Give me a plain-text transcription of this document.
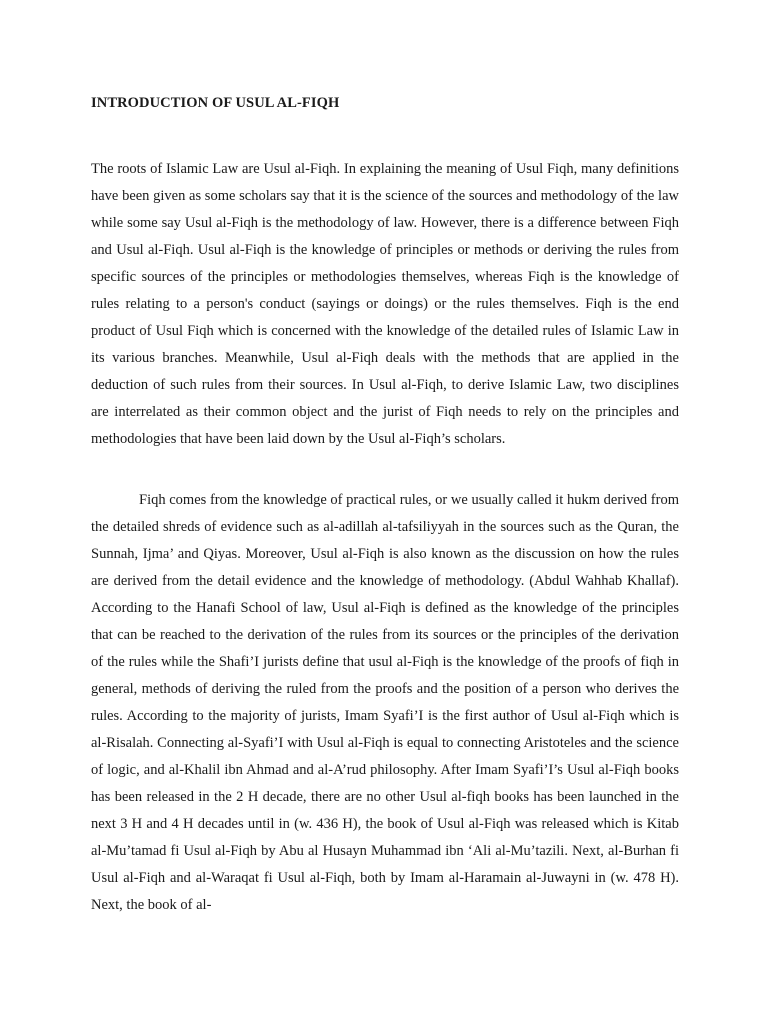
INTRODUCTION OF USUL AL-FIQH

The roots of Islamic Law are Usul al-Fiqh. In explaining the meaning of Usul Fiqh, many definitions have been given as some scholars say that it is the science of the sources and methodology of the law while some say Usul al-Fiqh is the methodology of law. However, there is a difference between Fiqh and Usul al-Fiqh. Usul al-Fiqh is the knowledge of principles or methods or deriving the rules from specific sources of the principles or methodologies themselves, whereas Fiqh is the knowledge of rules relating to a person's conduct (sayings or doings) or the rules themselves. Fiqh is the end product of Usul Fiqh which is concerned with the knowledge of the detailed rules of Islamic Law in its various branches. Meanwhile, Usul al-Fiqh deals with the methods that are applied in the deduction of such rules from their sources. In Usul al-Fiqh, to derive Islamic Law, two disciplines are interrelated as their common object and the jurist of Fiqh needs to rely on the principles and methodologies that have been laid down by the Usul al-Fiqh’s scholars.

Fiqh comes from the knowledge of practical rules, or we usually called it hukm derived from the detailed shreds of evidence such as al-adillah al-tafsiliyyah in the sources such as the Quran, the Sunnah, Ijma’ and Qiyas. Moreover, Usul al-Fiqh is also known as the discussion on how the rules are derived from the detail evidence and the knowledge of methodology. (Abdul Wahhab Khallaf). According to the Hanafi School of law, Usul al-Fiqh is defined as the knowledge of the principles that can be reached to the derivation of the rules from its sources or the principles of the derivation of the rules while the Shafi’I jurists define that usul al-Fiqh is the knowledge of the proofs of fiqh in general, methods of deriving the ruled from the proofs and the position of a person who derives the rules. According to the majority of jurists, Imam Syafi’I is the first author of Usul al-Fiqh which is al-Risalah. Connecting al-Syafi’I with Usul al-Fiqh is equal to connecting Aristoteles and the science of logic, and al-Khalil ibn Ahmad and al-A’rud philosophy. After Imam Syafi’I’s Usul al-Fiqh books has been released in the 2 H decade, there are no other Usul al-fiqh books has been launched in the next 3 H and 4 H decades until in (w. 436 H), the book of Usul al-Fiqh was released which is Kitab al-Mu’tamad fi Usul al-Fiqh by Abu al Husayn Muhammad ibn ‘Ali al-Mu’tazili. Next, al-Burhan fi Usul al-Fiqh and al-Waraqat fi Usul al-Fiqh, both by Imam al-Haramain al-Juwayni in (w. 478 H). Next, the book of al-
